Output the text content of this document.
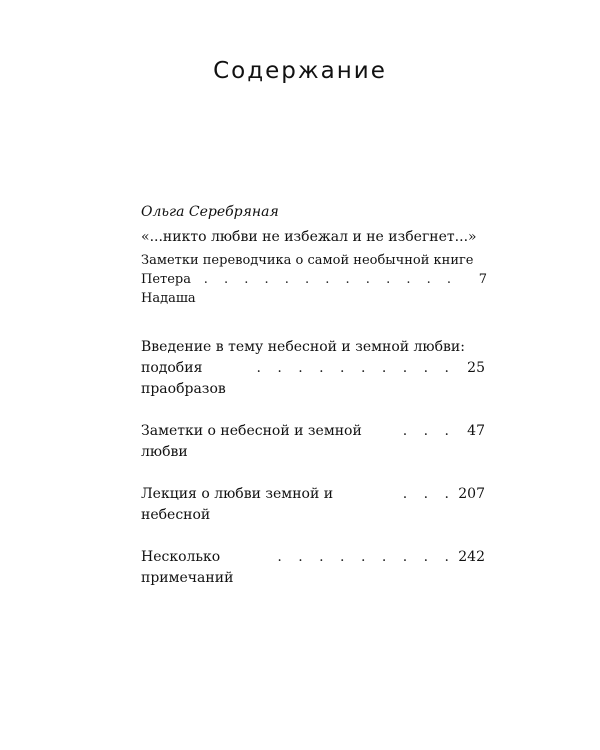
Содержание
Ольга Серебряная
«...никто любви не избежал и не избегнет...»
Заметки переводчика о самой необычной книге
Петера Надаша
. . . . . . . . . . . . .	7
Введение в тему небесной и земной любви:
подобия праобразов
. . . . . . . . . . 25
Заметки о небесной и земной любви
. . . 47
Лекция о любви земной и небесной
. . . 207
Несколько примечаний
. . . . . . . . . 242
